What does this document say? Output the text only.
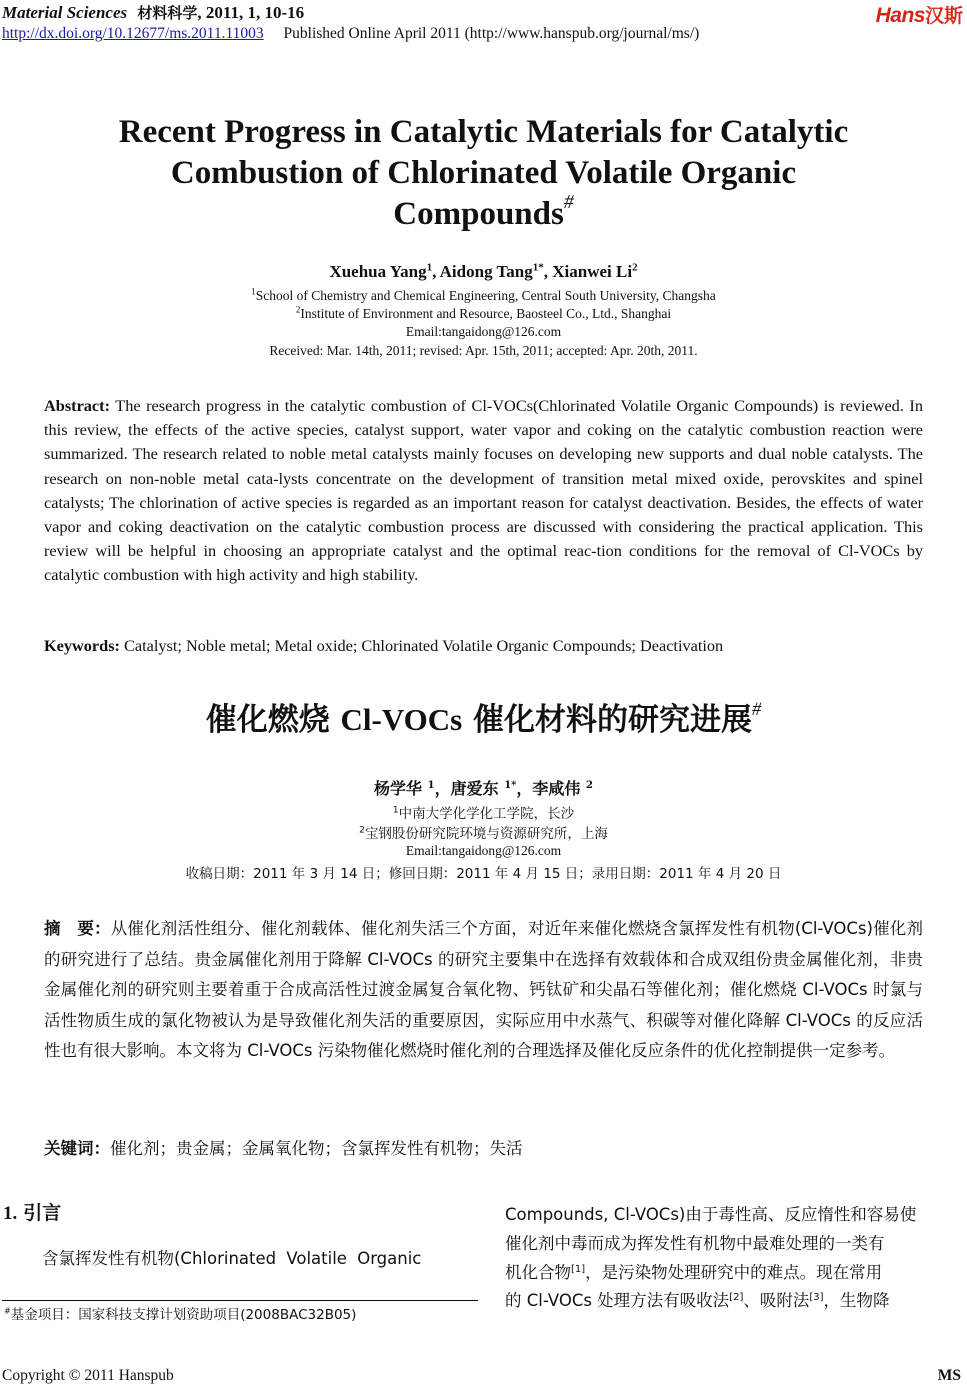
Material Sciences 材料科学, 2011, 1, 10-16
http://dx.doi.org/10.12677/ms.2011.11003 Published Online April 2011 (http://www.hanspub.org/journal/ms/)
Hans汉斯
Recent Progress in Catalytic Materials for Catalytic
Combustion of Chlorinated Volatile Organic
Compounds#
Xuehua Yang$^1$, Aidong Tang$^{1*}$, Xianwei Li$^2$
$^1$School of Chemistry and Chemical Engineering, Central South University, Changsha
$^2$Institute of Environment and Resource, Baosteel Co., Ltd., Shanghai
Email:tangaidong@126.com
Received: Mar. 14th, 2011; revised: Apr. 15th, 2011; accepted: Apr. 20th, 2011.
Abstract: The research progress in the catalytic combustion of Cl-VOCs(Chlorinated Volatile Organic Compounds) is reviewed. In this review, the effects of the active species, catalyst support, water vapor and coking on the catalytic combustion reaction were summarized. The research related to noble metal catalysts mainly focuses on developing new supports and dual noble catalysts. The research on non-noble metal cata-lysts concentrate on the development of transition metal mixed oxide, perovskites and spinel catalysts; The chlorination of active species is regarded as an important reason for catalyst deactivation. Besides, the effects of water vapor and coking deactivation on the catalytic combustion process are discussed with considering the practical application. This review will be helpful in choosing an appropriate catalyst and the optimal reac-tion conditions for the removal of Cl-VOCs by catalytic combustion with high activity and high stability.
Keywords: Catalyst; Noble metal; Metal oxide; Chlorinated Volatile Organic Compounds; Deactivation
催化燃烧 Cl-VOCs 催化材料的研究进展#
杨学华 $^1$，唐爱东 $^{1*}$，李咸伟 $^2$
$^1$中南大学化学化工学院，长沙
$^2$宝钢股份研究院环境与资源研究所，上海
Email:tangaidong@126.com
收稿日期：2011 年 3 月 14 日；修回日期：2011 年 4 月 15 日；录用日期：2011 年 4 月 20 日
摘　要：从催化剂活性组分、催化剂载体、催化剂失活三个方面，对近年来催化燃烧含氯挥发性有机物(Cl-VOCs)催化剂的研究进行了总结。贵金属催化剂用于降解 Cl-VOCs 的研究主要集中在选择有效载体和合成双组份贵金属催化剂，非贵金属催化剂的研究则主要着重于合成高活性过渡金属复合氧化物、钙钛矿和尖晶石等催化剂；催化燃烧 Cl-VOCs 时氯与活性物质生成的氯化物被认为是导致催化剂失活的重要原因，实际应用中水蒸气、积碳等对催化降解 Cl-VOCs 的反应活性也有很大影响。本文将为 Cl-VOCs 污染物催化燃烧时催化剂的合理选择及催化反应条件的优化控制提供一定参考。
关键词：催化剂；贵金属；金属氧化物；含氯挥发性有机物；失活
1. 引言
含氯挥发性有机物(Chlorinated Volatile Organic
#基金项目：国家科技支撑计划资助项目(2008BAC32B05)
Compounds, Cl-VOCs)由于毒性高、反应惰性和容易使
催化剂中毒而成为挥发性有机物中最难处理的一类有
机化合物[1]，是污染物处理研究中的难点。现在常用
的 Cl-VOCs 处理方法有吸收法[2]、吸附法[3]，生物降
Copyright © 2011 Hanspub	MS
